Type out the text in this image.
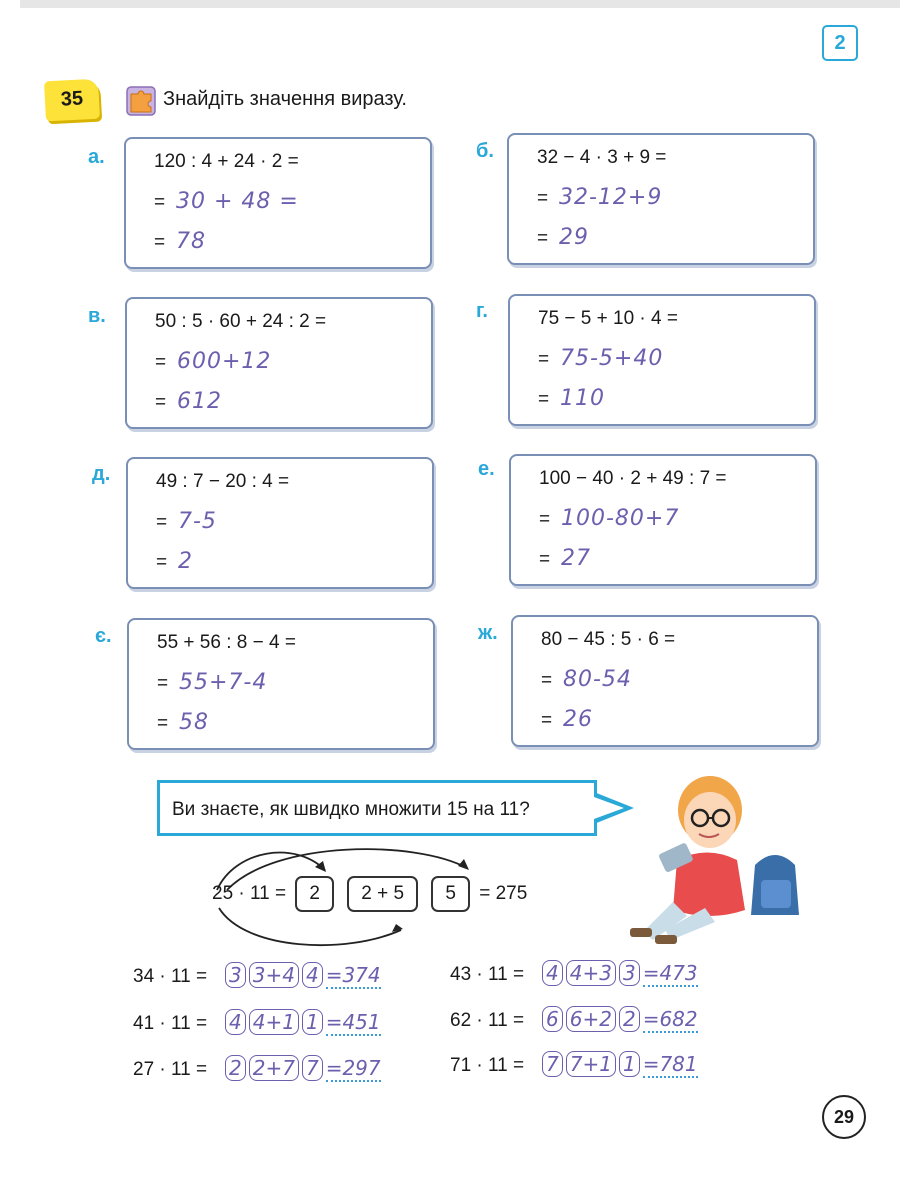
2
35	Знайдіть значення виразу.
а.	120 : 4 + 24 · 2 =
= 30 + 48 =
= 78
б. 32 − 4 · 3 + 9 =
= 32-12+9
= 29
в.	50 : 5 · 60 + 24 : 2 =
= 600+12
= 612
г.	75 − 5 + 10 · 4 =
= 75-5+40
= 110
д. 49 : 7 − 20 : 4 =
= 7-5
= 2
е. 100 − 40 · 2 + 49 : 7 =
= 100-80+7
= 27
є. 55 + 56 : 8 − 4 =
= 55+7-4
= 58
ж. 80 − 45 : 5 · 6 =
= 80-54
= 26
Ви знаєте, як швидко множити 15 на 11?
25 · 11 = 2 2 + 5 5 = 275
34 · 11 = 3 3+4 4 =374
41 · 11 = 4 4+1 1 =451
27 · 11 = 2 2+7 7 =297
43 · 11 = 4 4+3 3 =473
62 · 11 = 6 6+2 2 =682
71 · 11 = 7 7+1 1 =781
29
